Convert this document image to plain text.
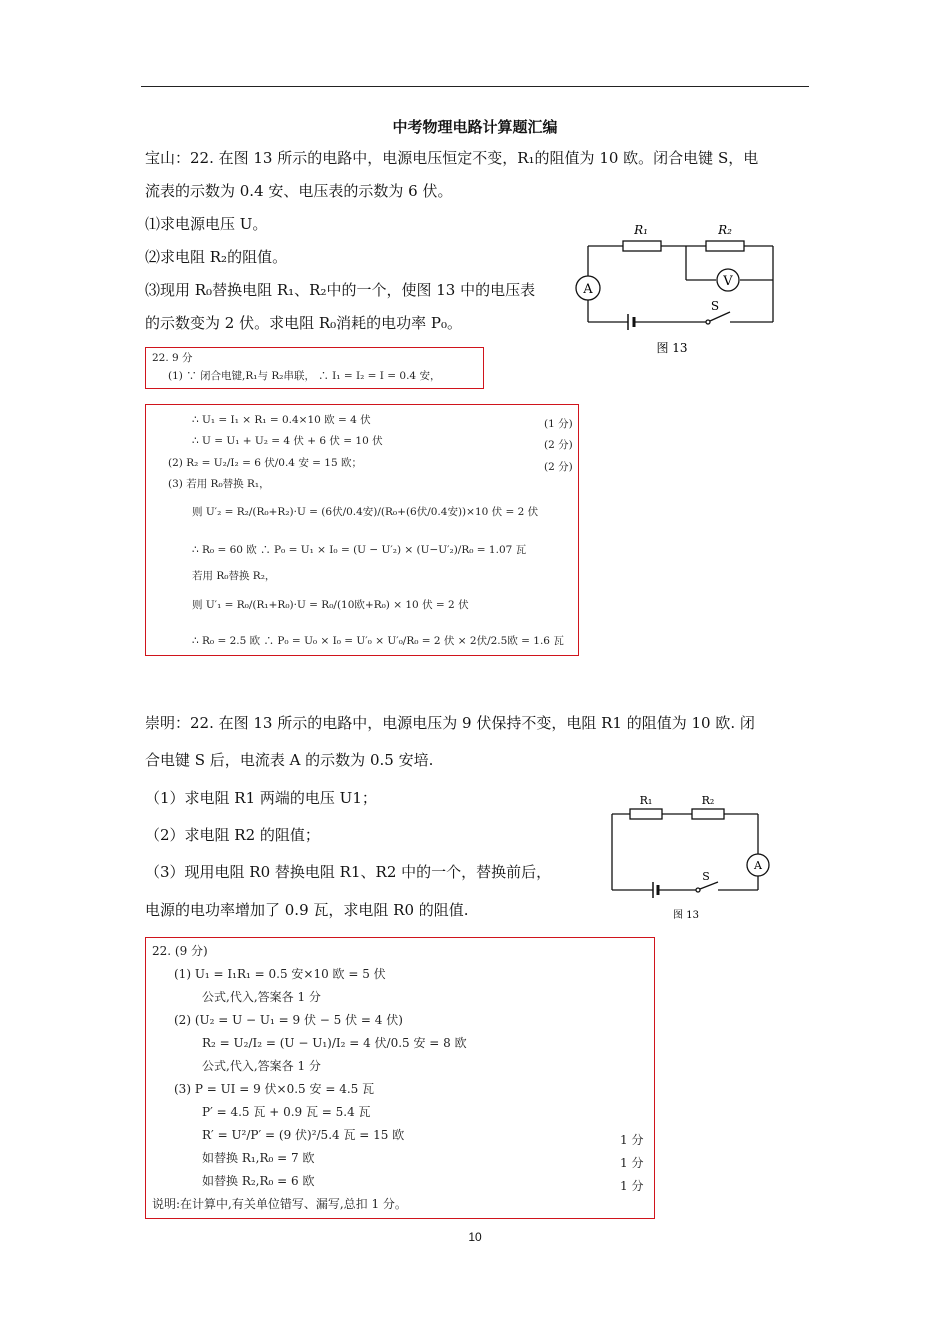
中考物理电路计算题汇编
宝山：22. 在图 13 所示的电路中，电源电压恒定不变，R₁的阻值为 10 欧。闭合电键 S，电
流表的示数为 0.4 安、电压表的示数为 6 伏。
⑴求电源电压 U。
⑵求电阻 R₂的阻值。
⑶现用 R₀替换电阻 R₁、R₂中的一个，使图 13 中的电压表
的示数变为 2 伏。求电阻 R₀消耗的电功率 P₀。
R₁	R₂
A
V
S
图 13
22. 9 分
(1) ∵ 闭合电键,R₁与 R₂串联， ∴ I₁ = I₂ = I = 0.4 安，
∴ U₁ = I₁ × R₁ = 0.4×10 欧 = 4 伏
∴ U = U₁ + U₂ = 4 伏 + 6 伏 = 10 伏
(2) R₂ = U₂/I₂ = 6 伏/0.4 安 = 15 欧；
(3) 若用 R₀替换 R₁，
则 U′₂ = R₂/(R₀+R₂)·U = (6伏/0.4安)/(R₀+(6伏/0.4安))×10 伏 = 2 伏
∴ R₀ = 60 欧 ∴ P₀ = U₁ × I₀ = (U − U′₂) × (U−U′₂)/R₀ = 1.07 瓦
若用 R₀替换 R₂，
则 U′₁ = R₀/(R₁+R₀)·U = R₀/(10欧+R₀) × 10 伏 = 2 伏
∴ R₀ = 2.5 欧 ∴ P₀ = U₀ × I₀ = U′₀ × U′₀/R₀ = 2 伏 × 2伏/2.5欧 = 1.6 瓦
(1 分)
(2 分)
(2 分)
崇明：22. 在图 13 所示的电路中，电源电压为 9 伏保持不变，电阻 R1 的阻值为 10 欧. 闭
合电键 S 后，电流表 A 的示数为 0.5 安培.
（1）求电阻 R1 两端的电压 U1；
（2）求电阻 R2 的阻值；
（3）现用电阻 R0 替换电阻 R1、R2 中的一个，替换前后，
电源的电功率增加了 0.9 瓦，求电阻 R0 的阻值.
R₁	R₂
A
S
图 13
22. (9 分)
(1) U₁ = I₁R₁ = 0.5 安×10 欧 = 5 伏
公式,代入,答案各 1 分
(2) (U₂ = U − U₁ = 9 伏 − 5 伏 = 4 伏)
R₂ = U₂/I₂ = (U − U₁)/I₂ = 4 伏/0.5 安 = 8 欧
公式,代入,答案各 1 分
(3) P = UI = 9 伏×0.5 安 = 4.5 瓦
P′ = 4.5 瓦 + 0.9 瓦 = 5.4 瓦
R′ = U²/P′ = (9 伏)²/5.4 瓦 = 15 欧
如替换 R₁,R₀ = 7 欧
如替换 R₂,R₀ = 6 欧
说明:在计算中,有关单位错写、漏写,总扣 1 分。
1 分
1 分
1 分
10
